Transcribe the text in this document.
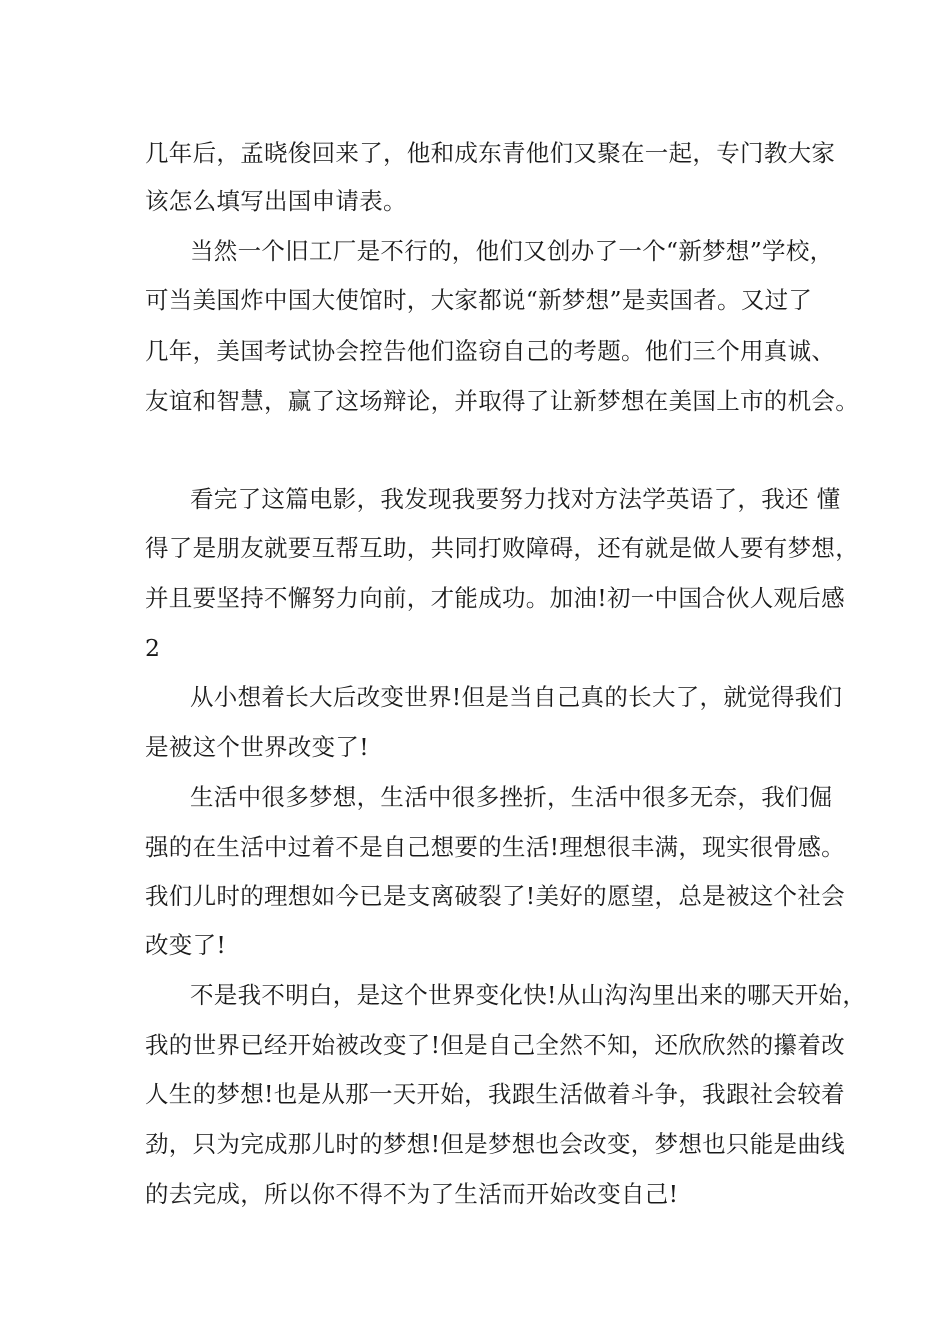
几年后，孟晓俊回来了，他和成东青他们又聚在一起，专门教大家
该怎么填写出国申请表。
当然一个旧工厂是不行的，他们又创办了一个“新梦想”学校，
可当美国炸中国大使馆时，大家都说“新梦想”是卖国者。又过了
几年，美国考试协会控告他们盗窃自己的考题。他们三个用真诚、
友谊和智慧，赢了这场辩论，并取得了让新梦想在美国上市的机会。
看完了这篇电影，我发现我要努力找对方法学英语了，我还 懂
得了是朋友就要互帮互助，共同打败障碍，还有就是做人要有梦想，
并且要坚持不懈努力向前，才能成功。加油!初一中国合伙人观后感
2
从小想着长大后改变世界!但是当自己真的长大了，就觉得我们
是被这个世界改变了!
生活中很多梦想，生活中很多挫折，生活中很多无奈，我们倔
强的在生活中过着不是自己想要的生活!理想很丰满，现实很骨感。
我们儿时的理想如今已是支离破裂了!美好的愿望，总是被这个社会
改变了!
不是我不明白，是这个世界变化快!从山沟沟里出来的哪天开始，
我的世界已经开始被改变了!但是自己全然不知，还欣欣然的攥着改
人生的梦想!也是从那一天开始，我跟生活做着斗争，我跟社会较着
劲，只为完成那儿时的梦想!但是梦想也会改变，梦想也只能是曲线
的去完成，所以你不得不为了生活而开始改变自己!
